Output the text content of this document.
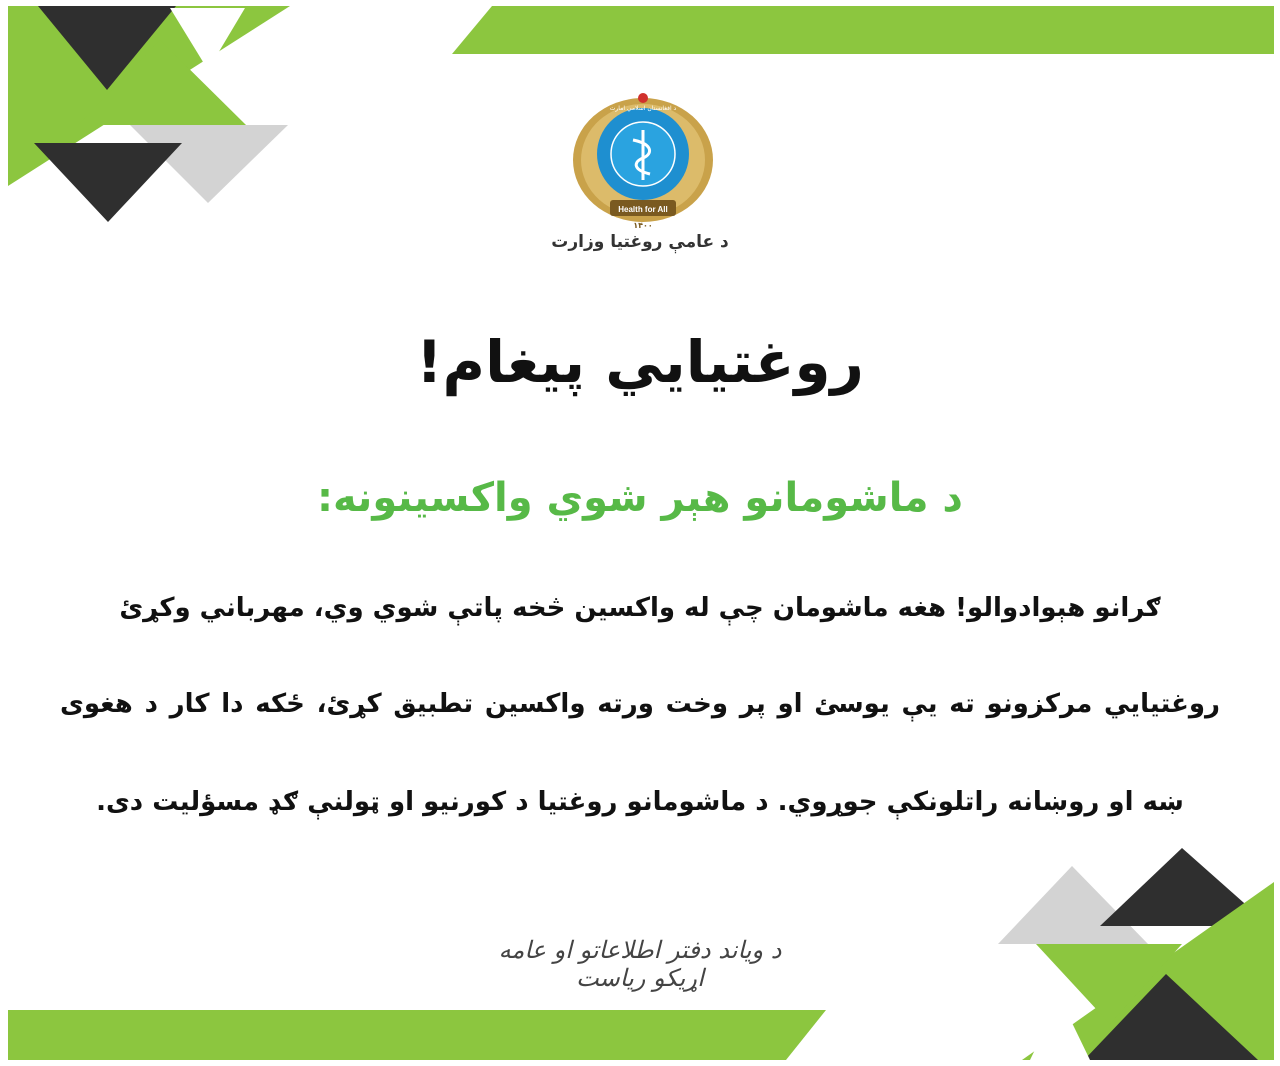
Health for All
۱۴۰۰
د افغانستان اسلامي امارت
د عامې روغتيا وزارت
روغتيايي پيغام!
د ماشومانو هېر شوي واکسينونه:
ګرانو هېوادوالو! هغه ماشومان چې له واکسين څخه پاتې شوي وي، مهرباني وکړئ
روغتيايي مرکزونو ته يې يوسئ او پر وخت ورته واکسين تطبيق کړئ، ځکه دا کار د هغوی
ښه او روښانه راتلونکې جوړوي. د ماشومانو روغتيا د کورنيو او ټولنې ګډ مسؤليت دی.
د ویاند دفتر اطلاعاتو او عامه اړیکو ریاست
